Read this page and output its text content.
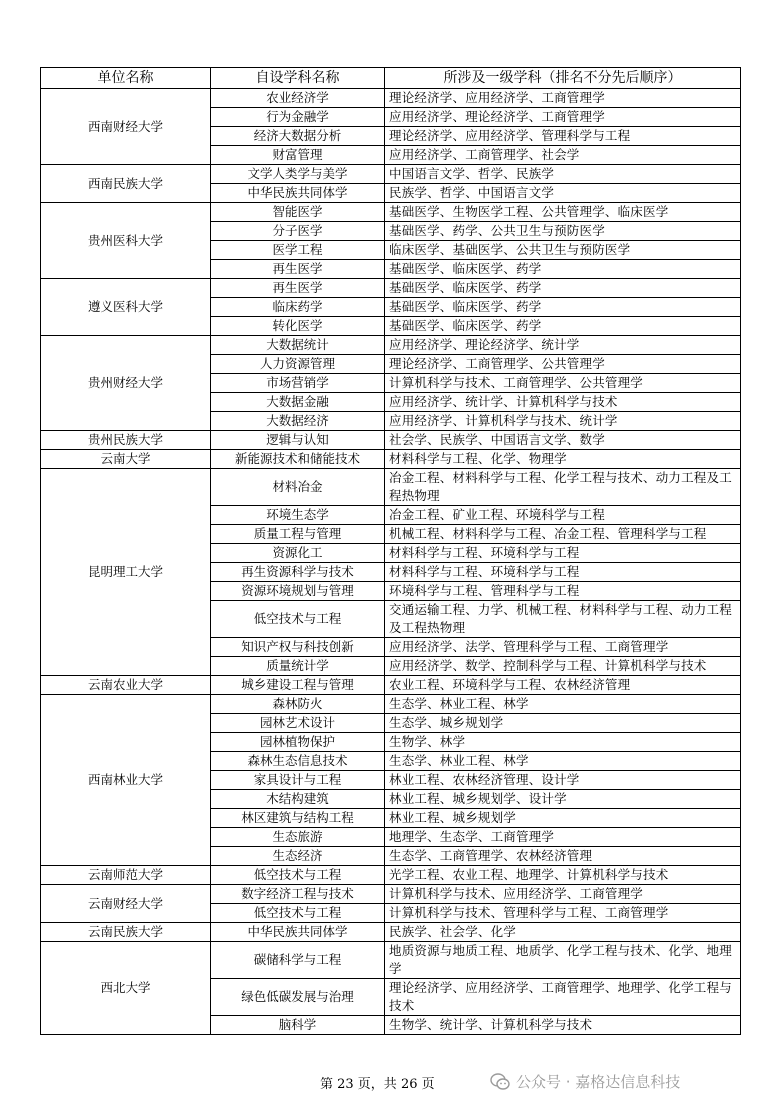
单位名称	自设学科名称	所涉及一级学科（排名不分先后顺序）
西南财经大学	农业经济学	理论经济学、应用经济学、工商管理学
	行为金融学	应用经济学、理论经济学、工商管理学
	经济大数据分析	理论经济学、应用经济学、管理科学与工程
	财富管理	应用经济学、工商管理学、社会学
西南民族大学	文学人类学与美学	中国语言文学、哲学、民族学
	中华民族共同体学	民族学、哲学、中国语言文学
贵州医科大学	智能医学	基础医学、生物医学工程、公共管理学、临床医学
	分子医学	基础医学、药学、公共卫生与预防医学
	医学工程	临床医学、基础医学、公共卫生与预防医学
	再生医学	基础医学、临床医学、药学
遵义医科大学	再生医学	基础医学、临床医学、药学
	临床药学	基础医学、临床医学、药学
	转化医学	基础医学、临床医学、药学
贵州财经大学	大数据统计	应用经济学、理论经济学、统计学
	人力资源管理	理论经济学、工商管理学、公共管理学
	市场营销学	计算机科学与技术、工商管理学、公共管理学
	大数据金融	应用经济学、统计学、计算机科学与技术
	大数据经济	应用经济学、计算机科学与技术、统计学
贵州民族大学	逻辑与认知	社会学、民族学、中国语言文学、数学
云南大学	新能源技术和储能技术	材料科学与工程、化学、物理学
昆明理工大学	材料冶金	冶金工程、材料科学与工程、化学工程与技术、动力工程及工程热物理
	环境生态学	冶金工程、矿业工程、环境科学与工程
	质量工程与管理	机械工程、材料科学与工程、冶金工程、管理科学与工程
	资源化工	材料科学与工程、环境科学与工程
	再生资源科学与技术	材料科学与工程、环境科学与工程
	资源环境规划与管理	环境科学与工程、管理科学与工程
	低空技术与工程	交通运输工程、力学、机械工程、材料科学与工程、动力工程及工程热物理
	知识产权与科技创新	应用经济学、法学、管理科学与工程、工商管理学
	质量统计学	应用经济学、数学、控制科学与工程、计算机科学与技术
云南农业大学	城乡建设工程与管理	农业工程、环境科学与工程、农林经济管理
西南林业大学	森林防火	生态学、林业工程、林学
	园林艺术设计	生态学、城乡规划学
	园林植物保护	生物学、林学
	森林生态信息技术	生态学、林业工程、林学
	家具设计与工程	林业工程、农林经济管理、设计学
	木结构建筑	林业工程、城乡规划学、设计学
	林区建筑与结构工程	林业工程、城乡规划学
	生态旅游	地理学、生态学、工商管理学
	生态经济	生态学、工商管理学、农林经济管理
云南师范大学	低空技术与工程	光学工程、农业工程、地理学、计算机科学与技术
云南财经大学	数字经济工程与技术	计算机科学与技术、应用经济学、工商管理学
	低空技术与工程	计算机科学与技术、管理科学与工程、工商管理学
云南民族大学	中华民族共同体学	民族学、社会学、化学
西北大学	碳储科学与工程	地质资源与地质工程、地质学、化学工程与技术、化学、地理学
	绿色低碳发展与治理	理论经济学、应用经济学、工商管理学、地理学、化学工程与技术
	脑科学	生物学、统计学、计算机科学与技术
第 23 页，共 26 页	公众号 · 嘉格达信息科技
